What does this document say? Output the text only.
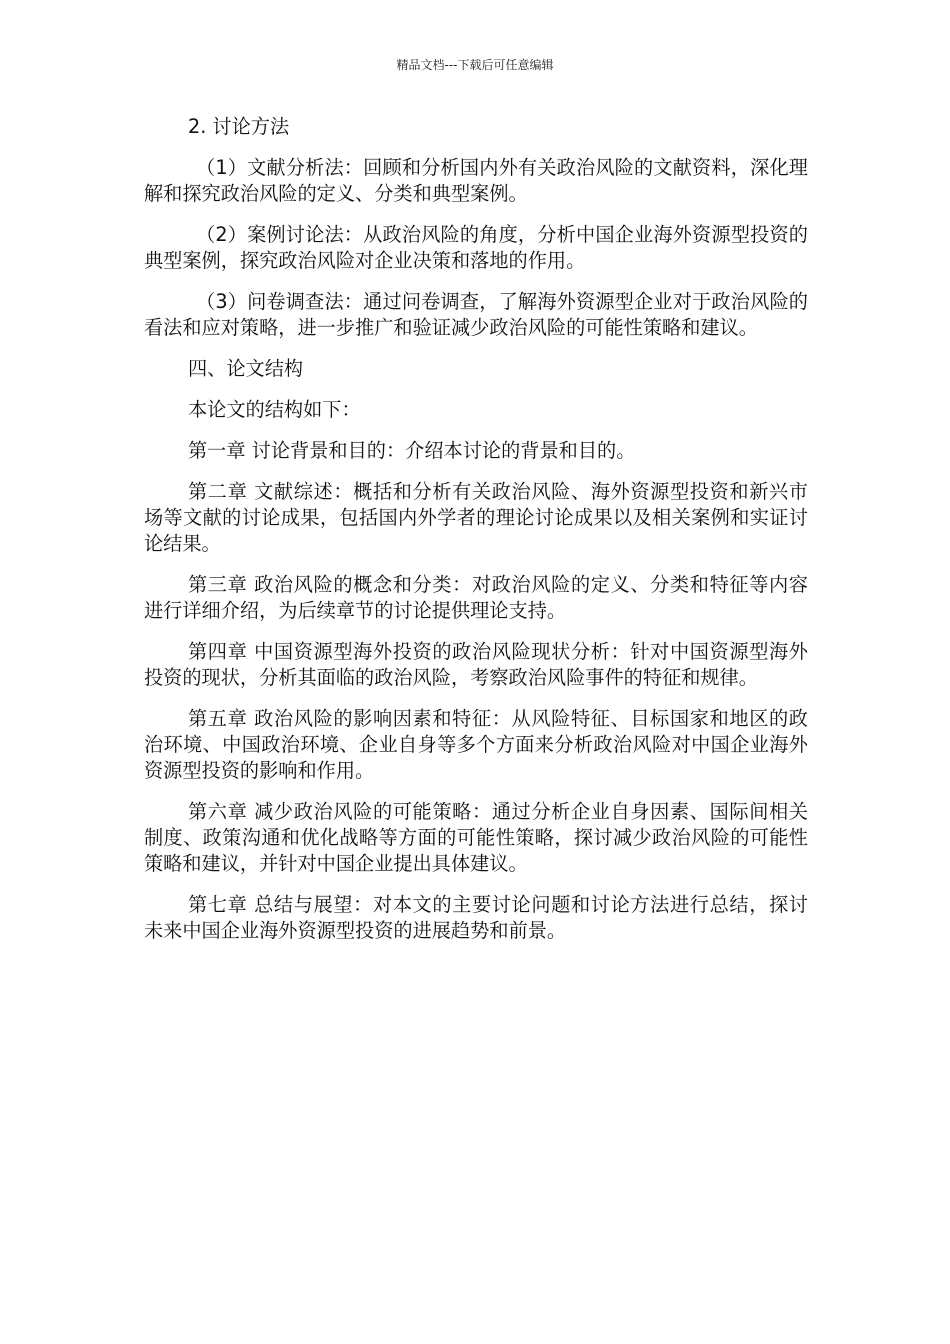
精品文档---下载后可任意编辑

2. 讨论方法

（1）文献分析法：回顾和分析国内外有关政治风险的文献资料，深化理解和探究政治风险的定义、分类和典型案例。

（2）案例讨论法：从政治风险的角度，分析中国企业海外资源型投资的典型案例，探究政治风险对企业决策和落地的作用。

（3）问卷调查法：通过问卷调查，了解海外资源型企业对于政治风险的看法和应对策略，进一步推广和验证减少政治风险的可能性策略和建议。

四、论文结构

本论文的结构如下：

第一章 讨论背景和目的：介绍本讨论的背景和目的。

第二章 文献综述：概括和分析有关政治风险、海外资源型投资和新兴市场等文献的讨论成果，包括国内外学者的理论讨论成果以及相关案例和实证讨论结果。

第三章 政治风险的概念和分类：对政治风险的定义、分类和特征等内容进行详细介绍，为后续章节的讨论提供理论支持。

第四章 中国资源型海外投资的政治风险现状分析：针对中国资源型海外投资的现状，分析其面临的政治风险，考察政治风险事件的特征和规律。

第五章 政治风险的影响因素和特征：从风险特征、目标国家和地区的政治环境、中国政治环境、企业自身等多个方面来分析政治风险对中国企业海外资源型投资的影响和作用。

第六章 减少政治风险的可能策略：通过分析企业自身因素、国际间相关制度、政策沟通和优化战略等方面的可能性策略，探讨减少政治风险的可能性策略和建议，并针对中国企业提出具体建议。

第七章 总结与展望：对本文的主要讨论问题和讨论方法进行总结，探讨未来中国企业海外资源型投资的进展趋势和前景。
